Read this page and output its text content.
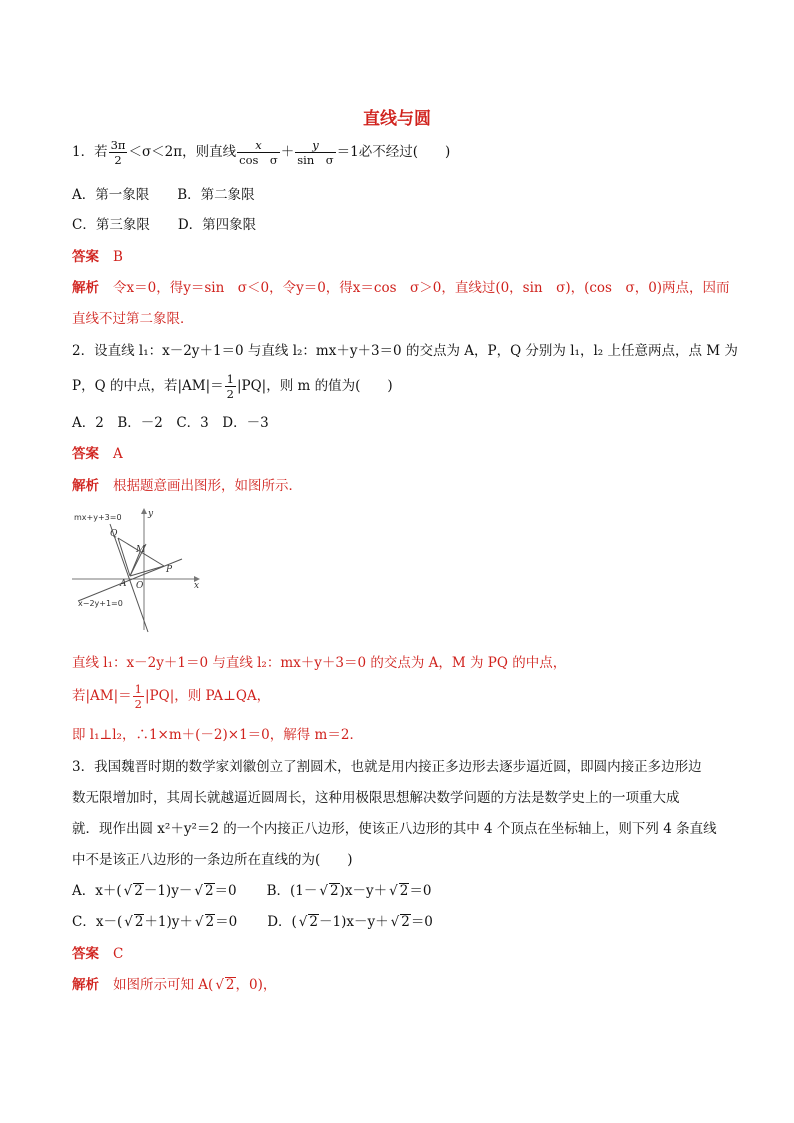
直线与圆
1．若 $\frac{3\pi}{2} <\sigma<2\pi$，则直线 $\frac{x}{\text{cos　σ}} + \frac{y}{\text{sin　σ}} =1$必不经过(　　)
A．第一象限 B．第二象限
C．第三象限 D．第四象限
答案 B
解析 令x＝0，得y＝sin　σ＜0，令y＝0，得x＝cos　σ＞0，直线过(0，sin　σ)，(cos　σ，0)两点，因而
直线不过第二象限．
2．设直线 l₁：x－2y＋1＝0 与直线 l₂：mx＋y＋3＝0 的交点为 A，P，Q 分别为 l₁，l₂ 上任意两点，点 M 为
P，Q 的中点，若$|AM|= \frac{1}{2} |PQ|$，则 m 的值为(　　)
A．2　B．－2　C．3　D．－3
答案 A
解析 根据题意画出图形，如图所示．
mx+y+3=0
x−2y+1=0
Q
M
P
A O	x
y
直线 l₁：x－2y＋1＝0 与直线 l₂：mx＋y＋3＝0 的交点为 A，M 为 PQ 的中点，
若$|AM|= \frac{1}{2} |PQ|$，则 PA⊥QA，
即 l₁⊥l₂，∴1×m＋(－2)×1＝0，解得 m＝2．
3．我国魏晋时期的数学家刘徽创立了割圆术，也就是用内接正多边形去逐步逼近圆，即圆内接正多边形边
数无限增加时，其周长就越逼近圆周长，这种用极限思想解决数学问题的方法是数学史上的一项重大成
就．现作出圆 x²＋y²＝2 的一个内接正八边形，使该正八边形的其中 4 个顶点在坐标轴上，则下列 4 条直线
中不是该正八边形的一条边所在直线的为(　　)
A．x＋( √ 2－1)y－ √ 2＝0 B．(1－ √ 2)x－y＋ √ 2＝0
C．x－( √ 2＋1)y＋ √ 2＝0 D．( √ 2－1)x－y＋ √ 2＝0
答案 C
解析 如图所示可知 A( √ 2，0)，
